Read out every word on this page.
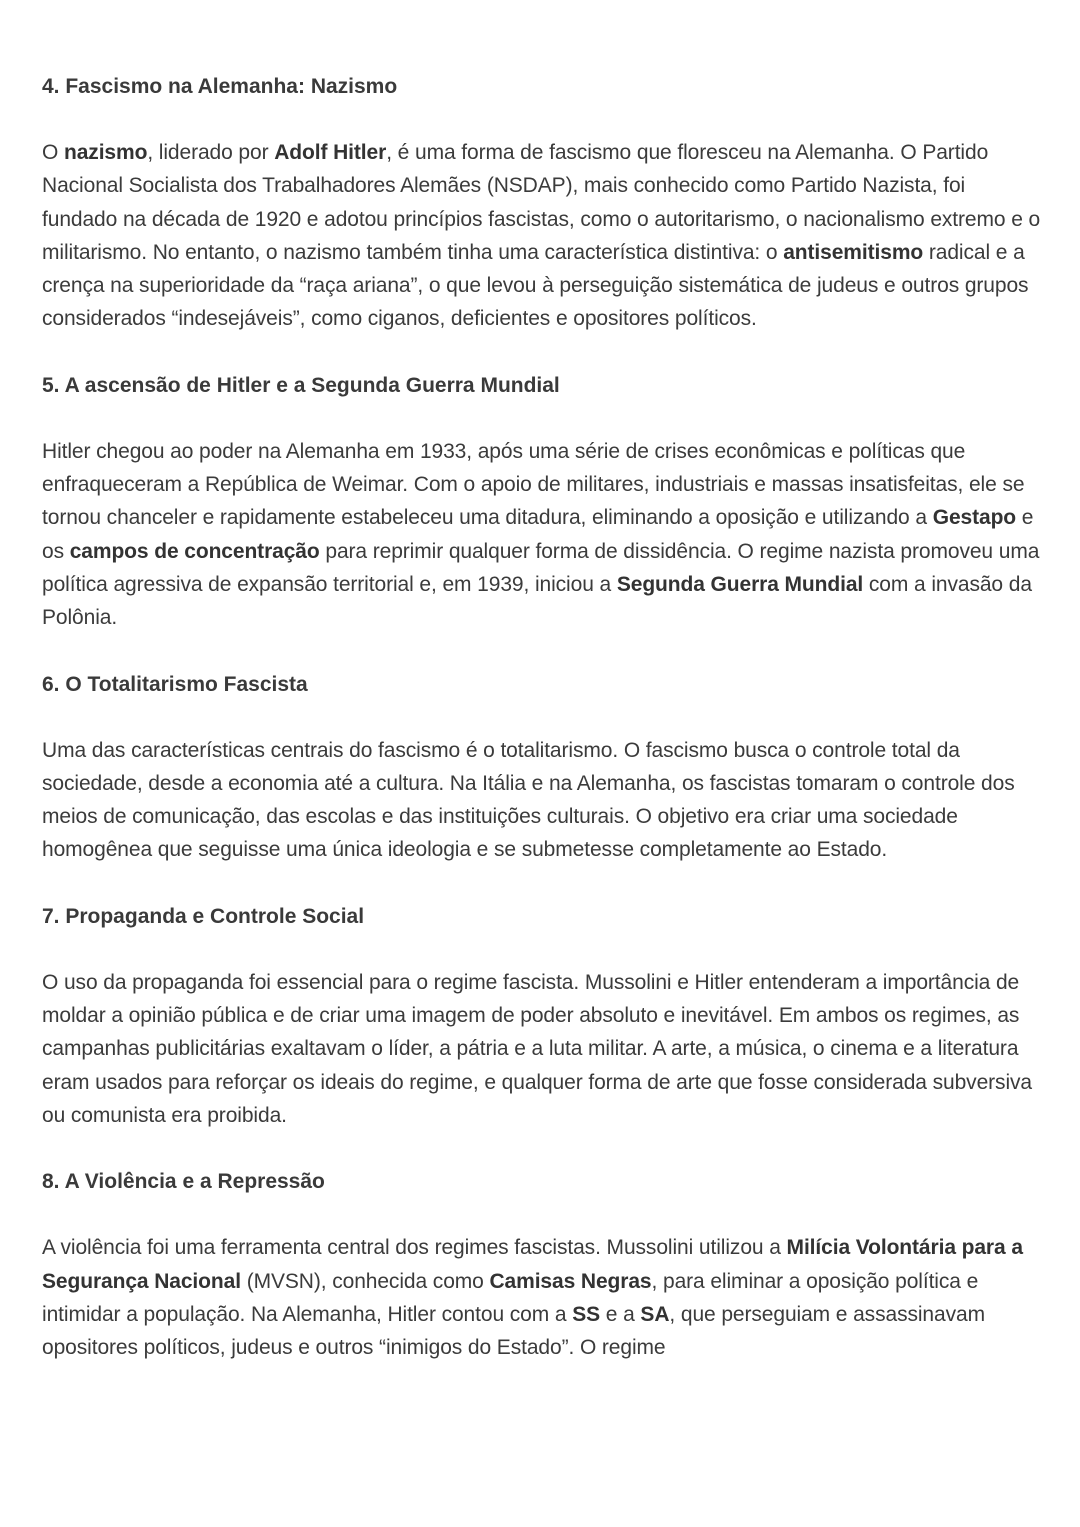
4. Fascismo na Alemanha: Nazismo

O nazismo, liderado por Adolf Hitler, é uma forma de fascismo que floresceu na Alemanha. O Partido Nacional Socialista dos Trabalhadores Alemães (NSDAP), mais conhecido como Partido Nazista, foi fundado na década de 1920 e adotou princípios fascistas, como o autoritarismo, o nacionalismo extremo e o militarismo. No entanto, o nazismo também tinha uma característica distintiva: o antisemitismo radical e a crença na superioridade da “raça ariana”, o que levou à perseguição sistemática de judeus e outros grupos considerados “indesejáveis”, como ciganos, deficientes e opositores políticos.

5. A ascensão de Hitler e a Segunda Guerra Mundial

Hitler chegou ao poder na Alemanha em 1933, após uma série de crises econômicas e políticas que enfraqueceram a República de Weimar. Com o apoio de militares, industriais e massas insatisfeitas, ele se tornou chanceler e rapidamente estabeleceu uma ditadura, eliminando a oposição e utilizando a Gestapo e os campos de concentração para reprimir qualquer forma de dissidência. O regime nazista promoveu uma política agressiva de expansão territorial e, em 1939, iniciou a Segunda Guerra Mundial com a invasão da Polônia.

6. O Totalitarismo Fascista

Uma das características centrais do fascismo é o totalitarismo. O fascismo busca o controle total da sociedade, desde a economia até a cultura. Na Itália e na Alemanha, os fascistas tomaram o controle dos meios de comunicação, das escolas e das instituições culturais. O objetivo era criar uma sociedade homogênea que seguisse uma única ideologia e se submetesse completamente ao Estado.

7. Propaganda e Controle Social

O uso da propaganda foi essencial para o regime fascista. Mussolini e Hitler entenderam a importância de moldar a opinião pública e de criar uma imagem de poder absoluto e inevitável. Em ambos os regimes, as campanhas publicitárias exaltavam o líder, a pátria e a luta militar. A arte, a música, o cinema e a literatura eram usados para reforçar os ideais do regime, e qualquer forma de arte que fosse considerada subversiva ou comunista era proibida.

8. A Violência e a Repressão

A violência foi uma ferramenta central dos regimes fascistas. Mussolini utilizou a Milícia Volontária para a Segurança Nacional (MVSN), conhecida como Camisas Negras, para eliminar a oposição política e intimidar a população. Na Alemanha, Hitler contou com a SS e a SA, que perseguiam e assassinavam opositores políticos, judeus e outros “inimigos do Estado”. O regime
